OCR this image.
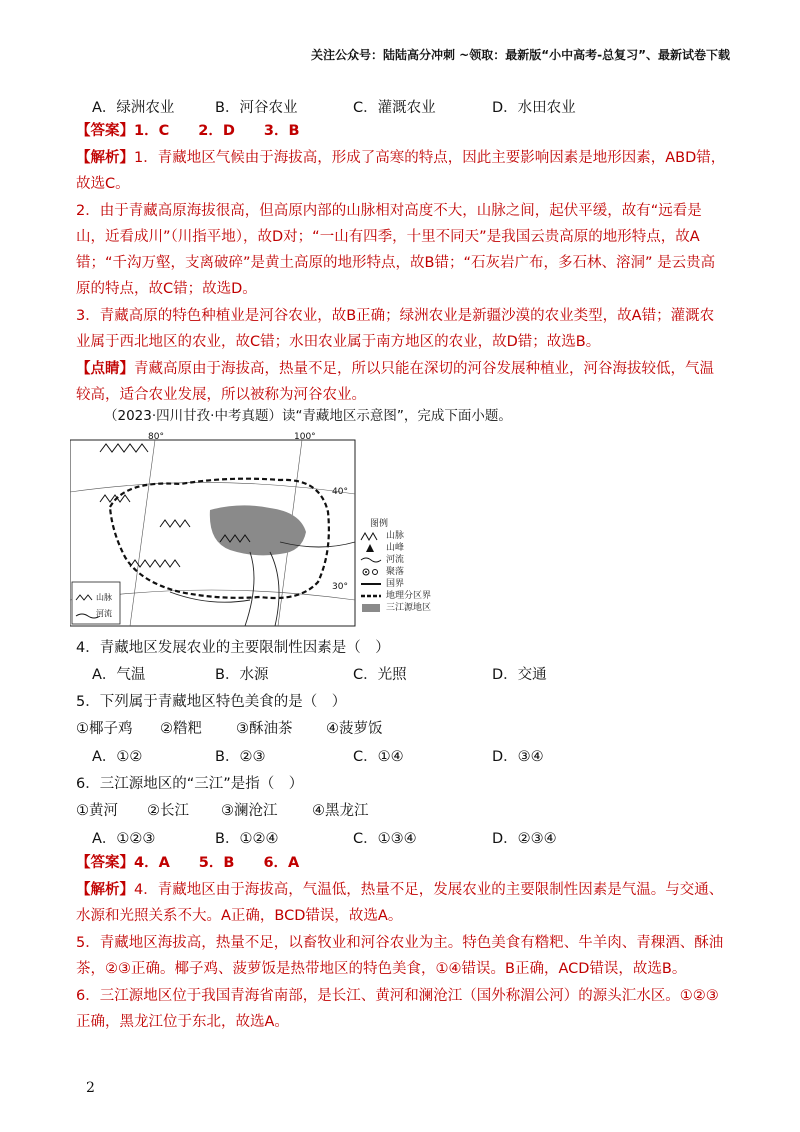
关注公众号：陆陆高分冲刺 ~领取：最新版“小中高考-总复习”、最新试卷下载
A．绿洲农业	B．河谷农业	C．灌溉农业	D．水田农业
【答案】1．C　　2．D　　3．B
【解析】1．青藏地区气候由于海拔高，形成了高寒的特点，因此主要影响因素是地形因素，ABD错，故选C。
2．由于青藏高原海拔很高，但高原内部的山脉相对高度不大，山脉之间，起伏平缓，故有“远看是山，近看成川”（川指平地），故D对；“一山有四季，十里不同天”是我国云贵高原的地形特点，故A错；“千沟万壑，支离破碎”是黄土高原的地形特点，故B错；“石灰岩广布，多石林、溶洞” 是云贵高原的特点，故C错；故选D。
3．青藏高原的特色种植业是河谷农业，故B正确；绿洲农业是新疆沙漠的农业类型，故A错；灌溉农业属于西北地区的农业，故C错；水田农业属于南方地区的农业，故D错；故选B。
【点睛】青藏高原由于海拔高，热量不足，所以只能在深切的河谷发展种植业，河谷海拔较低，气温较高，适合农业发展，所以被称为河谷农业。
（2023·四川甘孜·中考真题）读“青藏地区示意图”，完成下面小题。
80°	100°
40°
30°
山脉
河流
图例
山脉
山峰
河流
聚落
国界
地理分区界
三江源地区
4．青藏地区发展农业的主要限制性因素是（　）
A．气温	B．水源	C．光照	D．交通
5．下列属于青藏地区特色美食的是（　）
①椰子鸡 ②糌粑 ③酥油茶 ④菠萝饭
A．①②	B．②③	C．①④	D．③④
6．三江源地区的“三江”是指（　）
①黄河 ②长江 ③澜沧江 ④黑龙江
A．①②③	B．①②④	C．①③④	D．②③④
【答案】4．A　　5．B　　6．A
【解析】4．青藏地区由于海拔高，气温低，热量不足，发展农业的主要限制性因素是气温。与交通、水源和光照关系不大。A正确，BCD错误，故选A。
5．青藏地区海拔高，热量不足，以畜牧业和河谷农业为主。特色美食有糌粑、牛羊肉、青稞酒、酥油茶，②③正确。椰子鸡、菠萝饭是热带地区的特色美食，①④错误。B正确，ACD错误，故选B。
6．三江源地区位于我国青海省南部，是长江、黄河和澜沧江（国外称湄公河）的源头汇水区。①②③正确，黑龙江位于东北，故选A。
2
